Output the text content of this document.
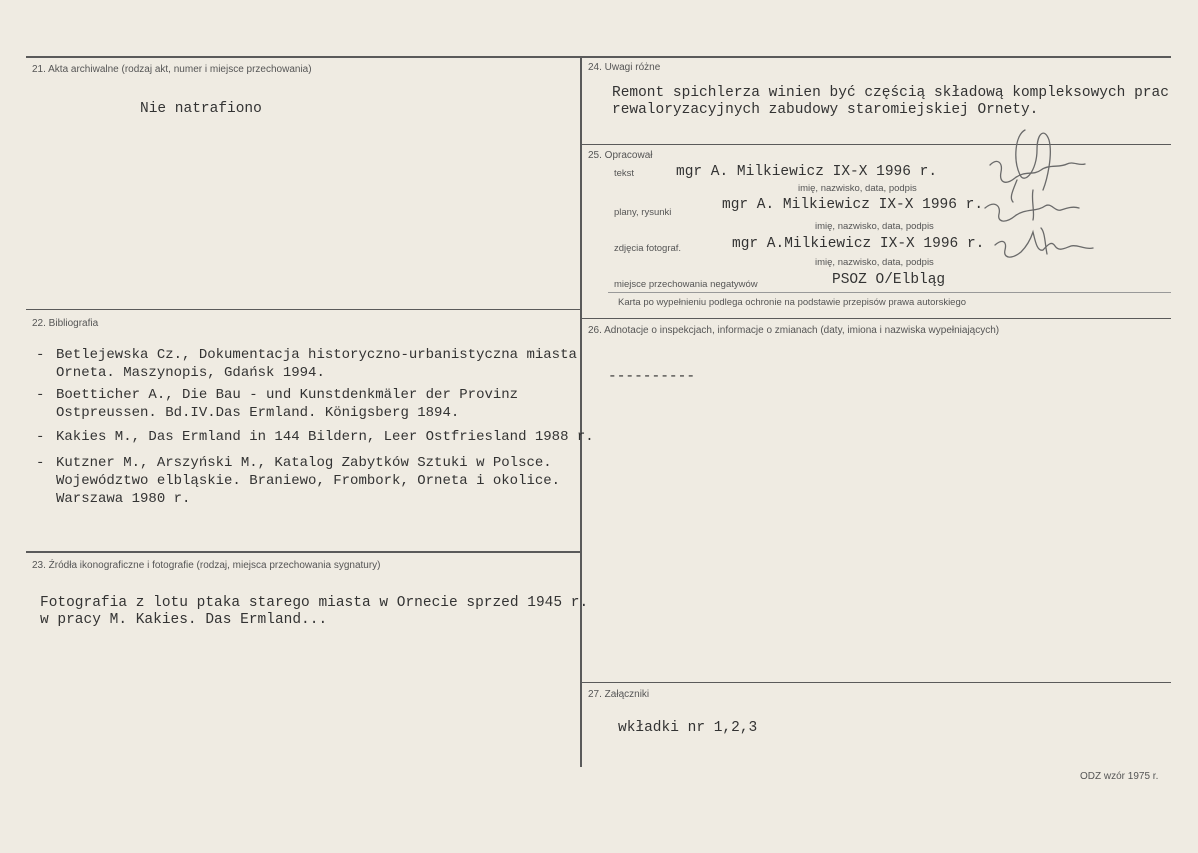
21. Akta archiwalne (rodzaj akt, numer i miejsce przechowania)
Nie natrafiono
22. Bibliografia
- Betlejewska Cz., Dokumentacja historyczno-urbanistyczna miasta
Orneta. Maszynopis, Gdańsk 1994.
- Boetticher A., Die Bau - und Kunstdenkmäler der Provinz
Ostpreussen. Bd.IV.Das Ermland. Königsberg 1894.
- Kakies M., Das Ermland in 144 Bildern, Leer Ostfriesland 1988 r.
- Kutzner M., Arszyński M., Katalog Zabytków Sztuki w Polsce.
Województwo elbląskie. Braniewo, Frombork, Orneta i okolice.
Warszawa 1980 r.
23. Źródła ikonograficzne i fotografie (rodzaj, miejsca przechowania sygnatury)
Fotografia z lotu ptaka starego miasta w Ornecie sprzed 1945 r.
w pracy M. Kakies. Das Ermland...
24. Uwagi różne
Remont spichlerza winien być częścią składową kompleksowych prac
rewaloryzacyjnych zabudowy staromiejskiej Ornety.
25. Opracował
tekst	mgr A. Milkiewicz IX-X 1996 r.
imię, nazwisko, data, podpis
plany, rysunki	mgr A. Milkiewicz IX-X 1996 r.
imię, nazwisko, data, podpis
zdjęcia fotograf.	mgr A.Milkiewicz IX-X 1996 r.
imię, nazwisko, data, podpis
miejsce przechowania negatywów	PSOZ O/Elbląg
Karta po wypełnieniu podlega ochronie na podstawie przepisów prawa autorskiego
26. Adnotacje o inspekcjach, informacje o zmianach (daty, imiona i nazwiska wypełniających)
----------
27. Załączniki
wkładki nr 1,2,3
ODZ wzór 1975 r.
